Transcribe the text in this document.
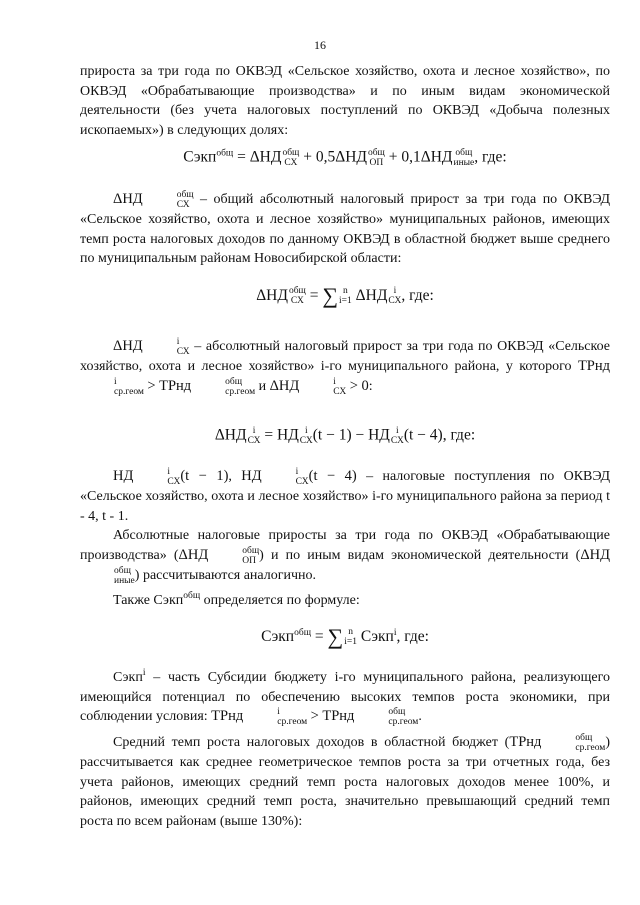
16
прироста за три года по ОКВЭД «Сельское хозяйство, охота и лесное хозяйство», по ОКВЭД «Обрабатывающие производства» и по иным видам экономической деятельности (без учета налоговых поступлений по ОКВЭД «Добыча полезных ископаемых») в следующих долях:
Сэкп$^{общ}$ = ΔНД общ
СХ + 0,5ΔНД общ
ОП + 0,1ΔНД общ
иные , где:
ΔНД	общ
СХ – общий абсолютный налоговый прирост за три года по ОКВЭД «Сельское хозяйство, охота и лесное хозяйство» муниципальных районов, имеющих темп роста налоговых доходов по данному ОКВЭД в областной бюджет выше среднего по муниципальным районам Новосибирской области:
ΔНД общ
СХ = ∑ n
i=1 ΔНД i
СХ , где:
ΔНД	i
СХ – абсолютный налоговый прирост за три года по ОКВЭД «Сельское хозяйство, охота и лесное хозяйство» i-го муниципального района, у которого ТРнд
i
ср.геом > ТРнд	общ
ср.геом и ΔНД	i
СХ > 0:
ΔНД i
СХ = НД i
СХ (t − 1) − НД i
СХ (t − 4), где:
НД	i
СХ (t − 1), НД	i
СХ (t − 4) – налоговые поступления по ОКВЭД «Сельское хозяйство, охота и лесное хозяйство» i-го муниципального района за период t - 4, t - 1.
Абсолютные налоговые приросты за три года по ОКВЭД «Обрабатывающие производства» (ΔНД	общ
ОП ) и по иным видам экономической деятельности (ΔНД
общ
иные ) рассчитываются аналогично.
Также Сэкп$^{общ}$ определяется по формуле:
Сэкп$^{общ}$ = ∑ n
i=1 Сэкп$^i$, где:
Сэкп$^i$ – часть Субсидии бюджету i-го муниципального района, реализующего имеющийся потенциал по обеспечению высоких темпов роста экономики, при соблюдении условия: ТРнд	i
ср.геом > ТРнд	общ
ср.геом .
Средний темп роста налоговых доходов в областной бюджет (ТРнд	общ
ср.геом ) рассчитывается как среднее геометрическое темпов роста за три отчетных года, без учета районов, имеющих средний темп роста налоговых доходов менее 100%, и районов, имеющих средний темп роста, значительно превышающий средний темп роста по всем районам (выше 130%):
